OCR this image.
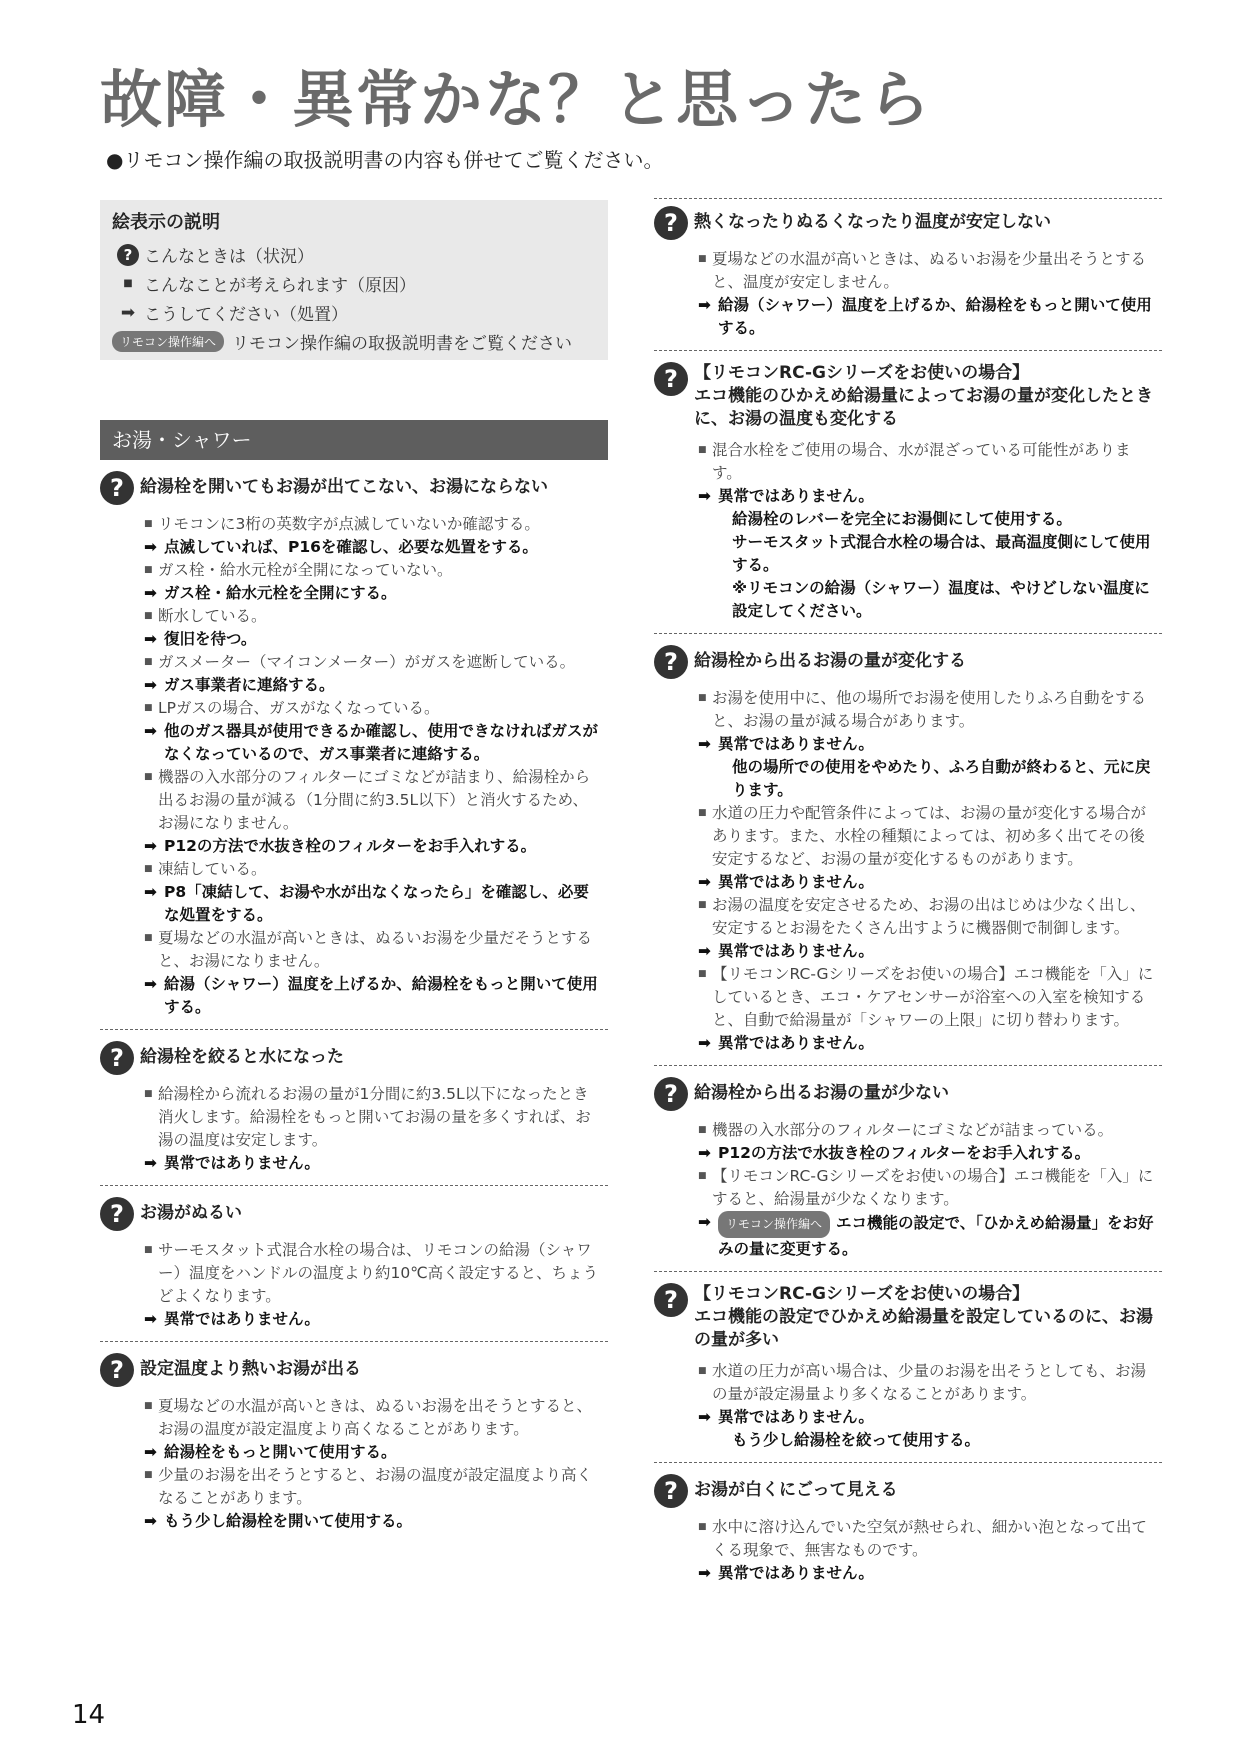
故障・異常かな？と思ったら
●リモコン操作編の取扱説明書の内容も併せてご覧ください。
絵表示の説明
? こんなときは（状況）
■ こんなことが考えられます（原因）
➡ こうしてください（処置）
リモコン操作編へ リモコン操作編の取扱説明書をご覧ください
お湯・シャワー
? 給湯栓を開いてもお湯が出てこない、お湯にならない
■ リモコンに3桁の英数字が点滅していないか確認する。
➡ 点滅していれば、P16を確認し、必要な処置をする。
■ ガス栓・給水元栓が全開になっていない。
➡ ガス栓・給水元栓を全開にする。
■ 断水している。
➡ 復旧を待つ。
■ ガスメーター（マイコンメーター）がガスを遮断している。
➡ ガス事業者に連絡する。
■ LPガスの場合、ガスがなくなっている。
➡ 他のガス器具が使用できるか確認し、使用できなければガスがなくなっているので、ガス事業者に連絡する。
■ 機器の入水部分のフィルターにゴミなどが詰まり、給湯栓から出るお湯の量が減る（1分間に約3.5L以下）と消火するため、お湯になりません。
➡ P12の方法で水抜き栓のフィルターをお手入れする。
■ 凍結している。
➡ P8「凍結して、お湯や水が出なくなったら」を確認し、必要な処置をする。
■ 夏場などの水温が高いときは、ぬるいお湯を少量だそうとすると、お湯になりません。
➡ 給湯（シャワー）温度を上げるか、給湯栓をもっと開いて使用する。
? 給湯栓を絞ると水になった
■ 給湯栓から流れるお湯の量が1分間に約3.5L以下になったとき消火します。給湯栓をもっと開いてお湯の量を多くすれば、お湯の温度は安定します。
➡ 異常ではありません。
? お湯がぬるい
■ サーモスタット式混合水栓の場合は、リモコンの給湯（シャワー）温度をハンドルの温度より約10℃高く設定すると、ちょうどよくなります。
➡ 異常ではありません。
? 設定温度より熱いお湯が出る
■ 夏場などの水温が高いときは、ぬるいお湯を出そうとすると、お湯の温度が設定温度より高くなることがあります。
➡ 給湯栓をもっと開いて使用する。
■ 少量のお湯を出そうとすると、お湯の温度が設定温度より高くなることがあります。
➡ もう少し給湯栓を開いて使用する。
? 熱くなったりぬるくなったり温度が安定しない
■ 夏場などの水温が高いときは、ぬるいお湯を少量出そうとすると、温度が安定しません。
➡ 給湯（シャワー）温度を上げるか、給湯栓をもっと開いて使用する。
? 【リモコンRC-Gシリーズをお使いの場合】
エコ機能のひかえめ給湯量によってお湯の量が変化したときに、お湯の温度も変化する
■ 混合水栓をご使用の場合、水が混ざっている可能性があります。
➡ 異常ではありません。
給湯栓のレバーを完全にお湯側にして使用する。
サーモスタット式混合水栓の場合は、最高温度側にして使用する。
※リモコンの給湯（シャワー）温度は、やけどしない温度に設定してください。
? 給湯栓から出るお湯の量が変化する
■ お湯を使用中に、他の場所でお湯を使用したりふろ自動をすると、お湯の量が減る場合があります。
➡ 異常ではありません。
他の場所での使用をやめたり、ふろ自動が終わると、元に戻ります。
■ 水道の圧力や配管条件によっては、お湯の量が変化する場合があります。また、水栓の種類によっては、初め多く出てその後安定するなど、お湯の量が変化するものがあります。
➡ 異常ではありません。
■ お湯の温度を安定させるため、お湯の出はじめは少なく出し、安定するとお湯をたくさん出すように機器側で制御します。
➡ 異常ではありません。
■ 【リモコンRC-Gシリーズをお使いの場合】エコ機能を「入」にしているとき、エコ・ケアセンサーが浴室への入室を検知すると、自動で給湯量が「シャワーの上限」に切り替わります。
➡ 異常ではありません。
? 給湯栓から出るお湯の量が少ない
■ 機器の入水部分のフィルターにゴミなどが詰まっている。
➡ P12の方法で水抜き栓のフィルターをお手入れする。
■ 【リモコンRC-Gシリーズをお使いの場合】エコ機能を「入」にすると、給湯量が少なくなります。
➡ リモコン操作編へ エコ機能の設定で、「ひかえめ給湯量」をお好みの量に変更する。
? 【リモコンRC-Gシリーズをお使いの場合】
エコ機能の設定でひかえめ給湯量を設定しているのに、お湯の量が多い
■ 水道の圧力が高い場合は、少量のお湯を出そうとしても、お湯の量が設定湯量より多くなることがあります。
➡ 異常ではありません。
もう少し給湯栓を絞って使用する。
? お湯が白くにごって見える
■ 水中に溶け込んでいた空気が熱せられ、細かい泡となって出てくる現象で、無害なものです。
➡ 異常ではありません。
14
